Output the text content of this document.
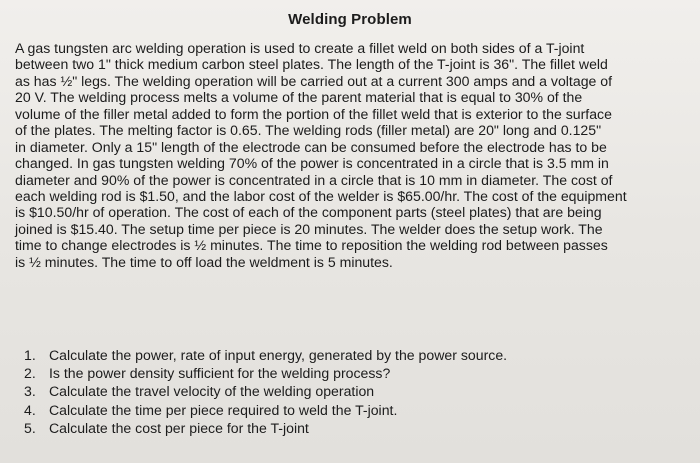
Welding Problem
A gas tungsten arc welding operation is used to create a fillet weld on both sides of a T-joint
between two 1" thick medium carbon steel plates. The length of the T-joint is 36". The fillet weld
as has ½" legs. The welding operation will be carried out at a current 300 amps and a voltage of
20 V. The welding process melts a volume of the parent material that is equal to 30% of the
volume of the filler metal added to form the portion of the fillet weld that is exterior to the surface
of the plates. The melting factor is 0.65. The welding rods (filler metal) are 20" long and 0.125"
in diameter. Only a 15" length of the electrode can be consumed before the electrode has to be
changed. In gas tungsten welding 70% of the power is concentrated in a circle that is 3.5 mm in
diameter and 90% of the power is concentrated in a circle that is 10 mm in diameter. The cost of
each welding rod is $1.50, and the labor cost of the welder is $65.00/hr. The cost of the equipment
is $10.50/hr of operation. The cost of each of the component parts (steel plates) that are being
joined is $15.40. The setup time per piece is 20 minutes. The welder does the setup work. The
time to change electrodes is ½ minutes. The time to reposition the welding rod between passes
is ½ minutes. The time to off load the weldment is 5 minutes.
1. Calculate the power, rate of input energy, generated by the power source.
2. Is the power density sufficient for the welding process?
3. Calculate the travel velocity of the welding operation
4. Calculate the time per piece required to weld the T-joint.
5. Calculate the cost per piece for the T-joint
